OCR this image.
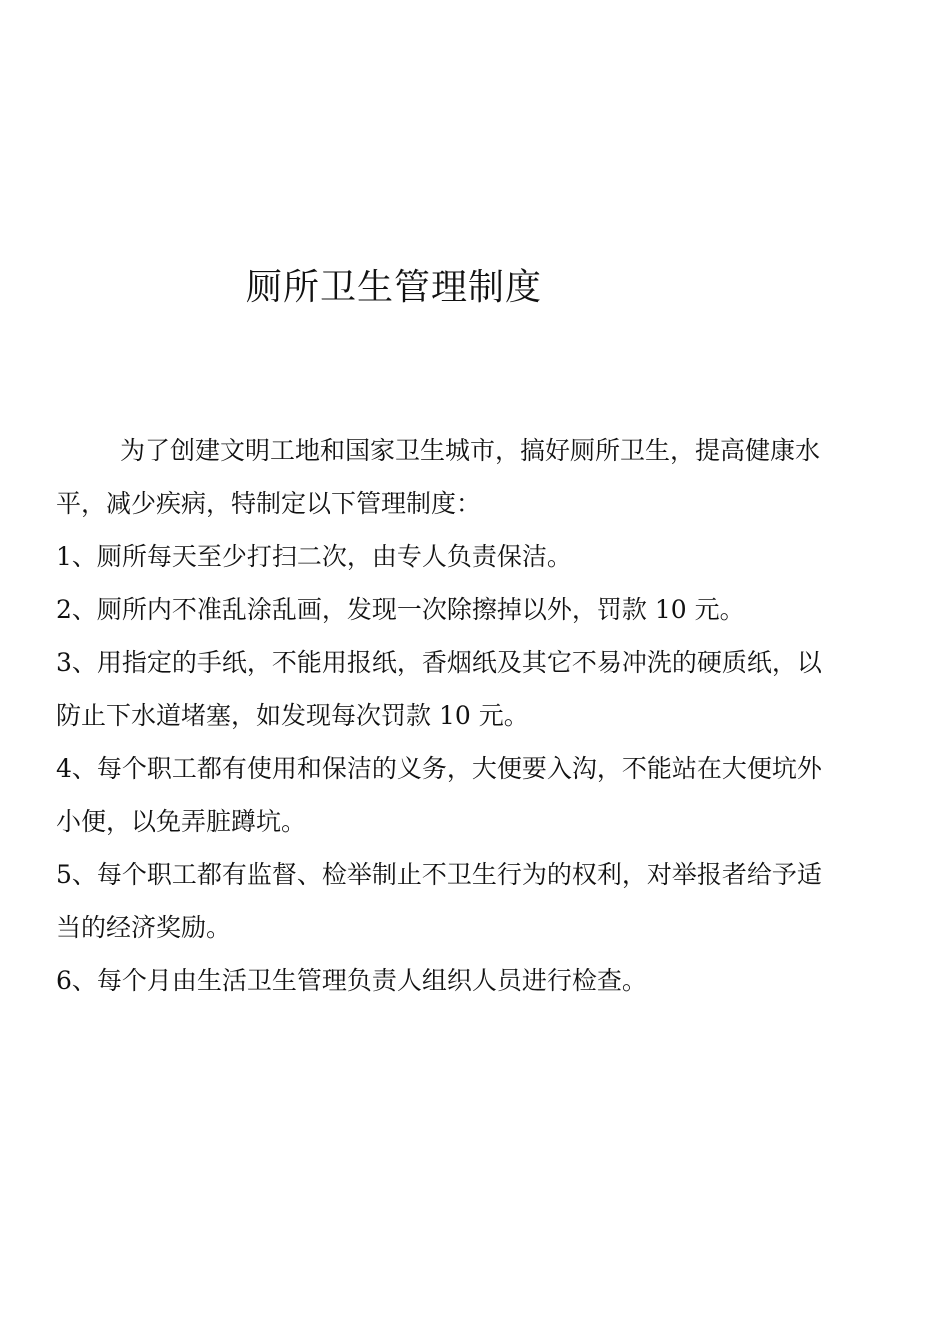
厕所卫生管理制度

为了创建文明工地和国家卫生城市，搞好厕所卫生，提高健康水
平，减少疾病，特制定以下管理制度：

1、厕所每天至少打扫二次，由专人负责保洁。

2、厕所内不准乱涂乱画，发现一次除擦掉以外，罚款 10 元。

3、用指定的手纸，不能用报纸，香烟纸及其它不易冲洗的硬质纸，以
防止下水道堵塞，如发现每次罚款 10 元。

4、每个职工都有使用和保洁的义务，大便要入沟，不能站在大便坑外
小便，以免弄脏蹲坑。

5、每个职工都有监督、检举制止不卫生行为的权利，对举报者给予适
当的经济奖励。

6、每个月由生活卫生管理负责人组织人员进行检查。
